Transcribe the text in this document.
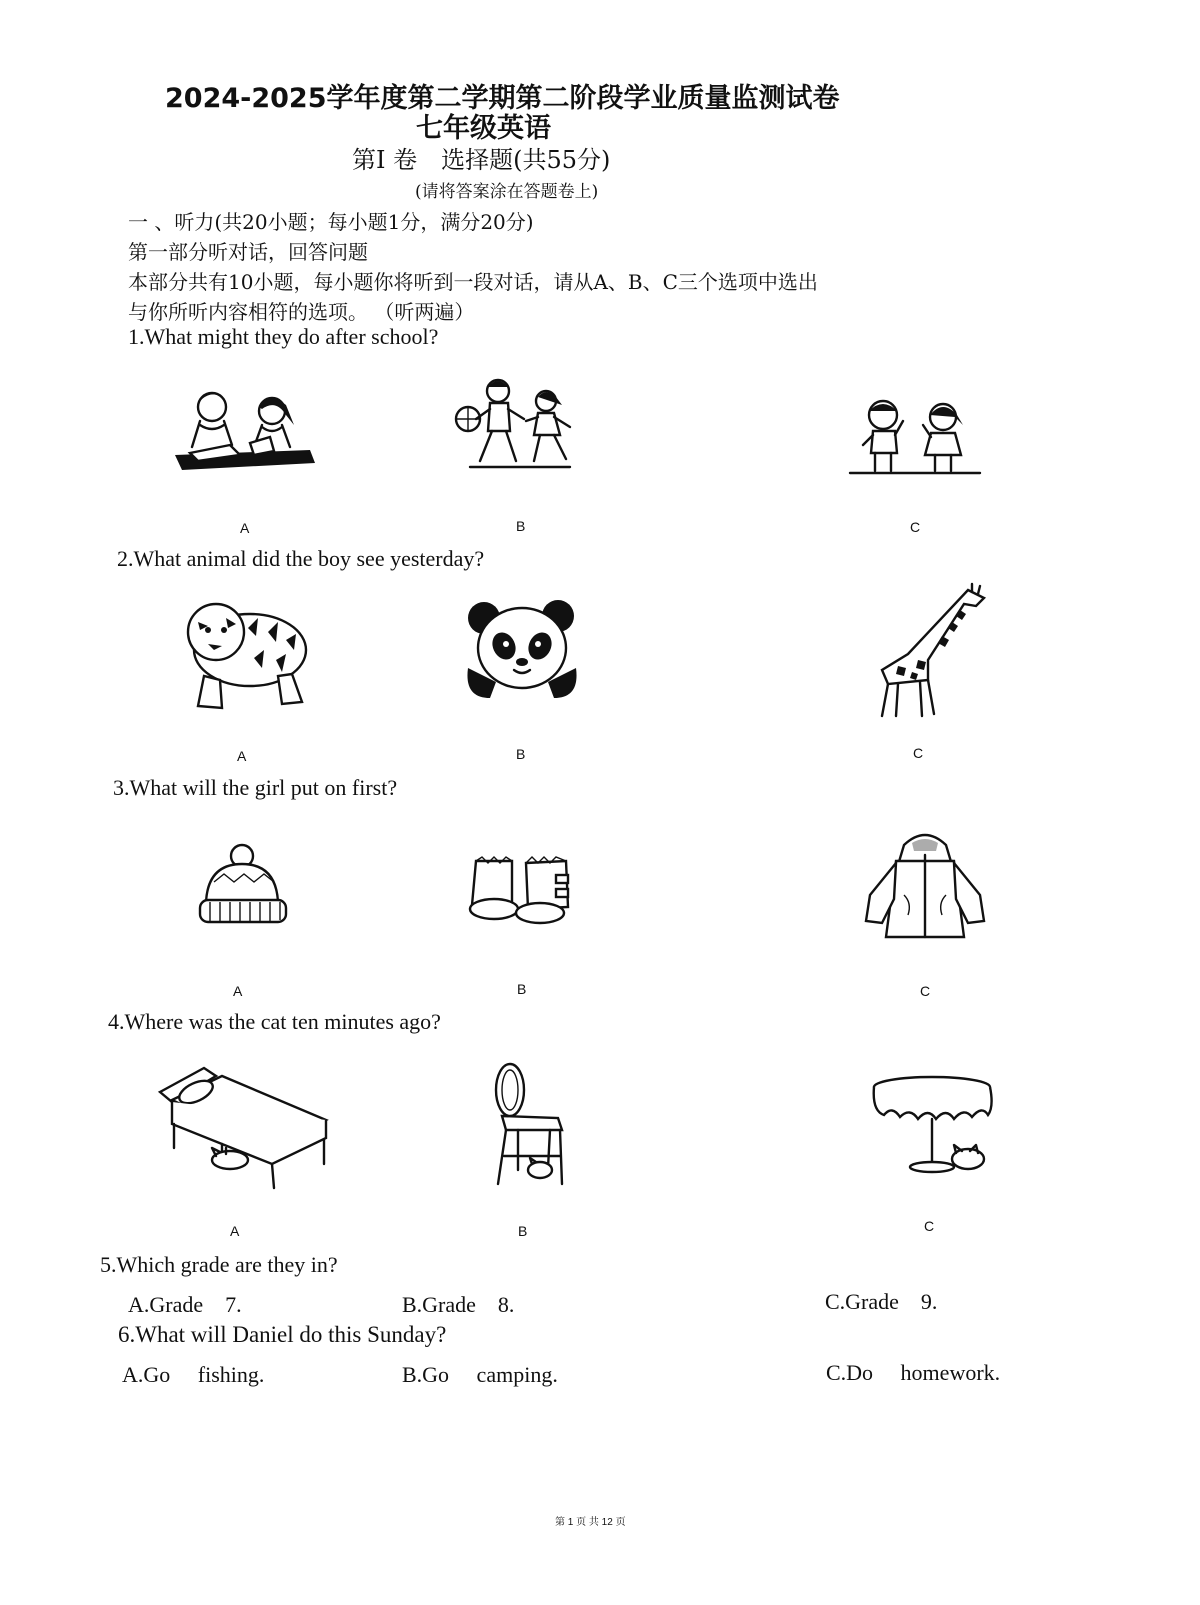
2024-2025学年度第二学期第二阶段学业质量监测试卷
七年级英语
第I 卷　选择题(共55分)
(请将答案涂在答题卷上)
一 、听力(共20小题；每小题1分，满分20分)
第一部分听对话，回答问题
本部分共有10小题，每小题你将听到一段对话，请从A、B、C三个选项中选出
与你所听内容相符的选项。 （听两遍）
1.What might they do after school?
A	B	C
2.What animal did the boy see yesterday?
A	B	C
3.What will the girl put on first?
A	B	C
4.Where was the cat ten minutes ago?
A	B	C
5.Which grade are they in?
A.Grade　7.	B.Grade　8.	C.Grade　9.
6.What will Daniel do this Sunday?
A.Go　 fishing.	B.Go　 camping.	C.Do　 homework.
第 1 页 共 12 页
